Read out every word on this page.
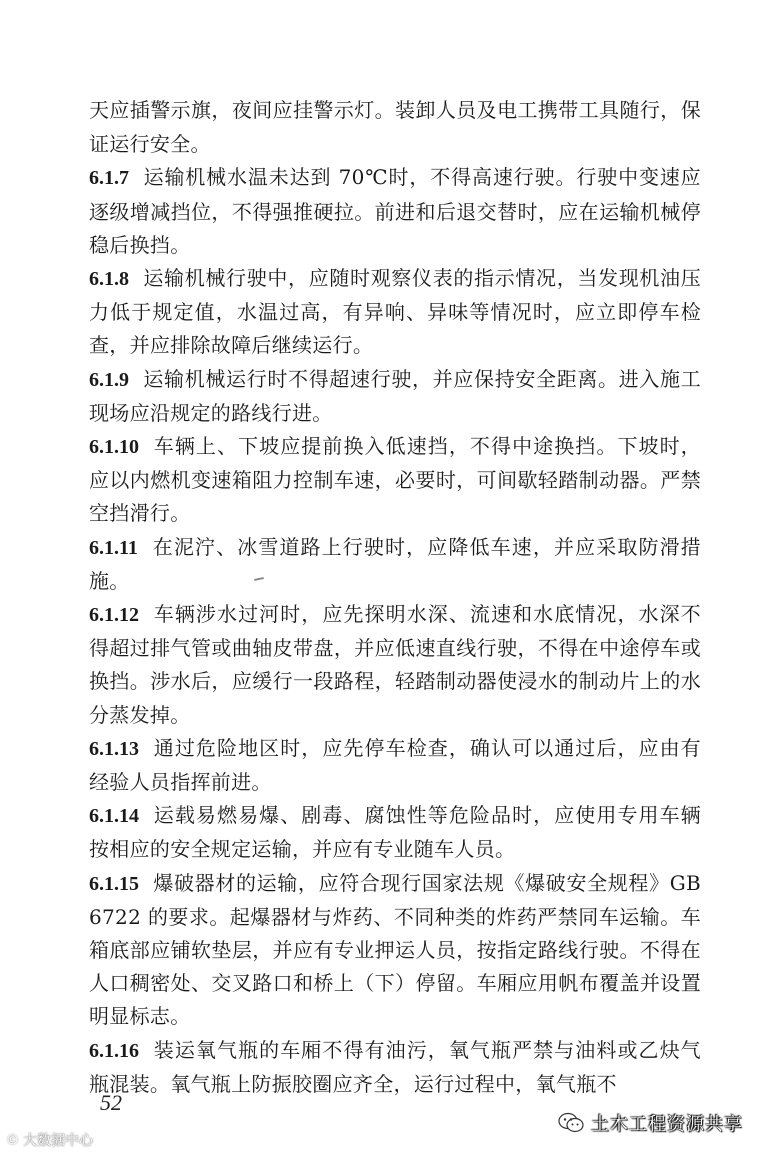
天应插警示旗，夜间应挂警示灯。装卸人员及电工携带工具随行，保证运行安全。

6.1.7 运输机械水温未达到 70℃时，不得高速行驶。行驶中变速应逐级增减挡位，不得强推硬拉。前进和后退交替时，应在运输机械停稳后换挡。

6.1.8 运输机械行驶中，应随时观察仪表的指示情况，当发现机油压力低于规定值，水温过高，有异响、异味等情况时，应立即停车检查，并应排除故障后继续运行。

6.1.9 运输机械运行时不得超速行驶，并应保持安全距离。进入施工现场应沿规定的路线行进。

6.1.10 车辆上、下坡应提前换入低速挡，不得中途换挡。下坡时，应以内燃机变速箱阻力控制车速，必要时，可间歇轻踏制动器。严禁空挡滑行。

6.1.11 在泥泞、冰雪道路上行驶时，应降低车速，并应采取防滑措施。

6.1.12 车辆涉水过河时，应先探明水深、流速和水底情况，水深不得超过排气管或曲轴皮带盘，并应低速直线行驶，不得在中途停车或换挡。涉水后，应缓行一段路程，轻踏制动器使浸水的制动片上的水分蒸发掉。

6.1.13 通过危险地区时，应先停车检查，确认可以通过后，应由有经验人员指挥前进。

6.1.14 运载易燃易爆、剧毒、腐蚀性等危险品时，应使用专用车辆按相应的安全规定运输，并应有专业随车人员。

6.1.15 爆破器材的运输，应符合现行国家法规《爆破安全规程》GB 6722 的要求。起爆器材与炸药、不同种类的炸药严禁同车运输。车箱底部应铺软垫层，并应有专业押运人员，按指定路线行驶。不得在人口稠密处、交叉路口和桥上（下）停留。车厢应用帆布覆盖并设置明显标志。

6.1.16 装运氧气瓶的车厢不得有油污，氧气瓶严禁与油料或乙炔气瓶混装。氧气瓶上防振胶圈应齐全，运行过程中，氧气瓶不

52
土木工程资源共享
© 大数据中心
